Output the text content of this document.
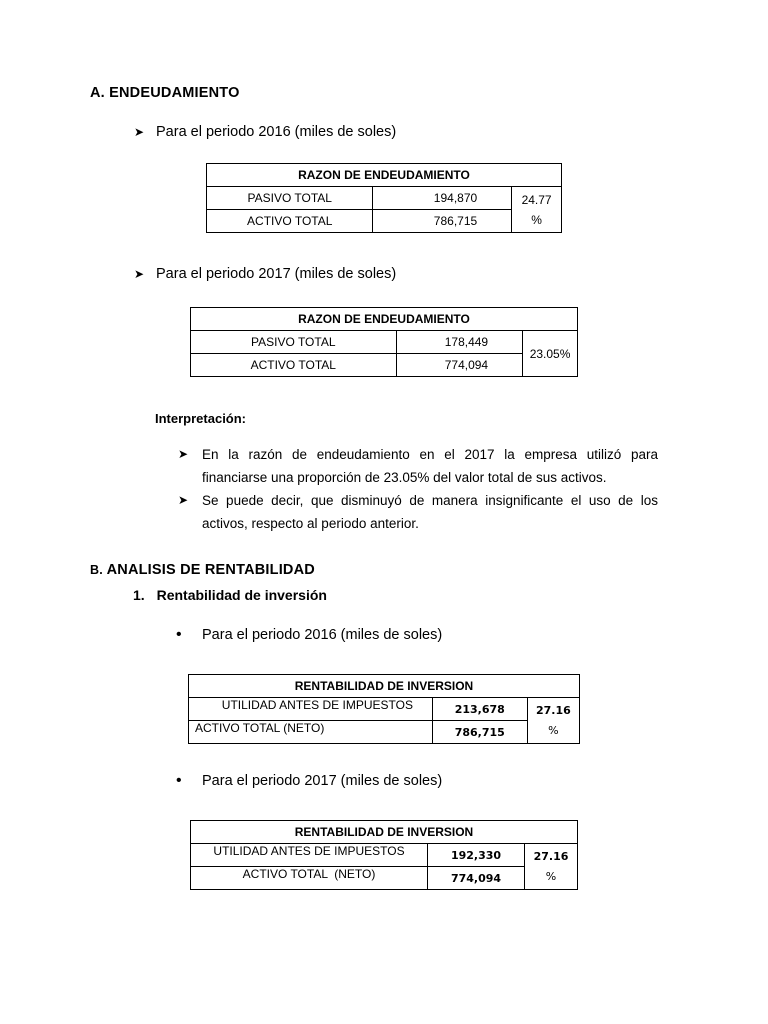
A. ENDEUDAMIENTO
➤ Para el periodo 2016 (miles de soles)
RAZON DE ENDEUDAMIENTO		
PASIVO TOTAL	194,870	24.77
%

ACTIVO TOTAL	786,715	
➤ Para el periodo 2017 (miles de soles)
RAZON DE ENDEUDAMIENTO		
PASIVO TOTAL	178,449	23.05%
ACTIVO TOTAL	774,094	
Interpretación:
➤	En la razón de endeudamiento en el 2017 la empresa utilizó para financiarse una proporción de 23.05% del valor total de sus activos.
➤	Se puede decir, que disminuyó de manera insignificante el uso de los activos, respecto al periodo anterior.
B. ANALISIS DE RENTABILIDAD
1. Rentabilidad de inversión
•	Para el periodo 2016 (miles de soles)
RENTABILIDAD DE INVERSION		
UTILIDAD ANTES DE IMPUESTOS	213,678	27.16
%

ACTIVO TOTAL (NETO)	786,715	
•	Para el periodo 2017 (miles de soles)
RENTABILIDAD DE INVERSION		
UTILIDAD ANTES DE IMPUESTOS	192,330	27.16
%

ACTIVO TOTAL  (NETO)	774,094	
